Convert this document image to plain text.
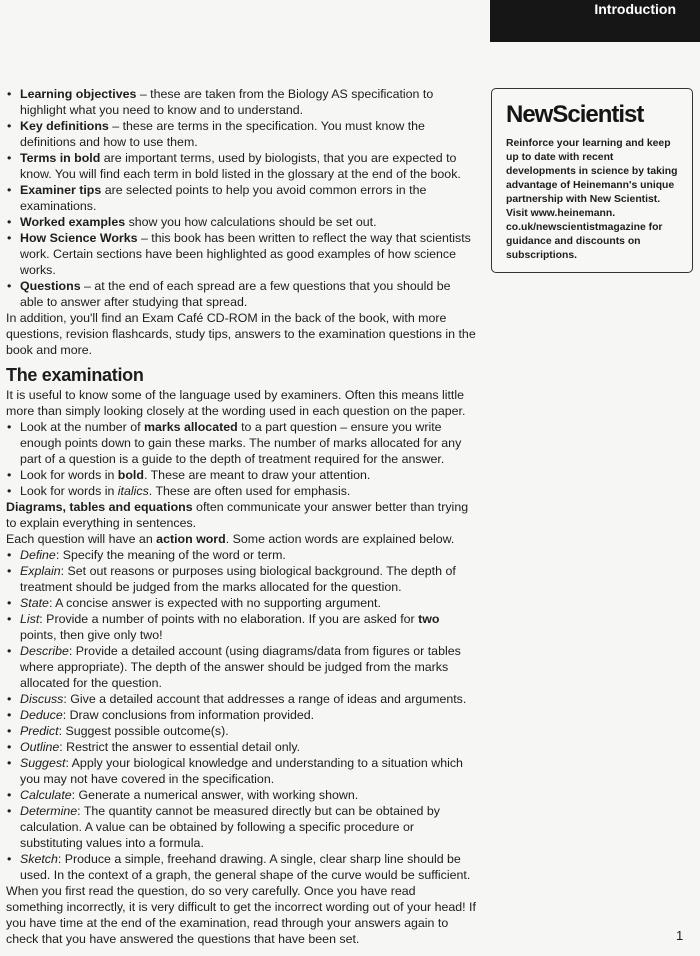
Introduction
• Learning objectives – these are taken from the Biology AS specification to highlight what you need to know and to understand.
• Key definitions – these are terms in the specification. You must know the definitions and how to use them.
• Terms in bold are important terms, used by biologists, that you are expected to know. You will find each term in bold listed in the glossary at the end of the book.
• Examiner tips are selected points to help you avoid common errors in the examinations.
• Worked examples show you how calculations should be set out.
• How Science Works – this book has been written to reflect the way that scientists work. Certain sections have been highlighted as good examples of how science works.
• Questions – at the end of each spread are a few questions that you should be able to answer after studying that spread.

In addition, you'll find an Exam Café CD-ROM in the back of the book, with more questions, revision flashcards, study tips, answers to the examination questions in the book and more.

The examination

It is useful to know some of the language used by examiners. Often this means little more than simply looking closely at the wording used in each question on the paper.

• Look at the number of marks allocated to a part question – ensure you write enough points down to gain these marks. The number of marks allocated for any part of a question is a guide to the depth of treatment required for the answer.
• Look for words in bold. These are meant to draw your attention.
• Look for words in italics. These are often used for emphasis.

Diagrams, tables and equations often communicate your answer better than trying to explain everything in sentences.

Each question will have an action word. Some action words are explained below.

• Define: Specify the meaning of the word or term.
• Explain: Set out reasons or purposes using biological background. The depth of treatment should be judged from the marks allocated for the question.
• State: A concise answer is expected with no supporting argument.
• List: Provide a number of points with no elaboration. If you are asked for two points, then give only two!
• Describe: Provide a detailed account (using diagrams/data from figures or tables where appropriate). The depth of the answer should be judged from the marks allocated for the question.
• Discuss: Give a detailed account that addresses a range of ideas and arguments.
• Deduce: Draw conclusions from information provided.
• Predict: Suggest possible outcome(s).
• Outline: Restrict the answer to essential detail only.
• Suggest: Apply your biological knowledge and understanding to a situation which you may not have covered in the specification.
• Calculate: Generate a numerical answer, with working shown.
• Determine: The quantity cannot be measured directly but can be obtained by calculation. A value can be obtained by following a specific procedure or substituting values into a formula.
• Sketch: Produce a simple, freehand drawing. A single, clear sharp line should be used. In the context of a graph, the general shape of the curve would be sufficient.

When you first read the question, do so very carefully. Once you have read something incorrectly, it is very difficult to get the incorrect wording out of your head! If you have time at the end of the examination, read through your answers again to check that you have answered the questions that have been set.

NewScientist

Reinforce your learning and keep up to date with recent developments in science by taking advantage of Heinemann's unique partnership with New Scientist. Visit www.heinemann. co.uk/newscientistmagazine for guidance and discounts on subscriptions.

1
